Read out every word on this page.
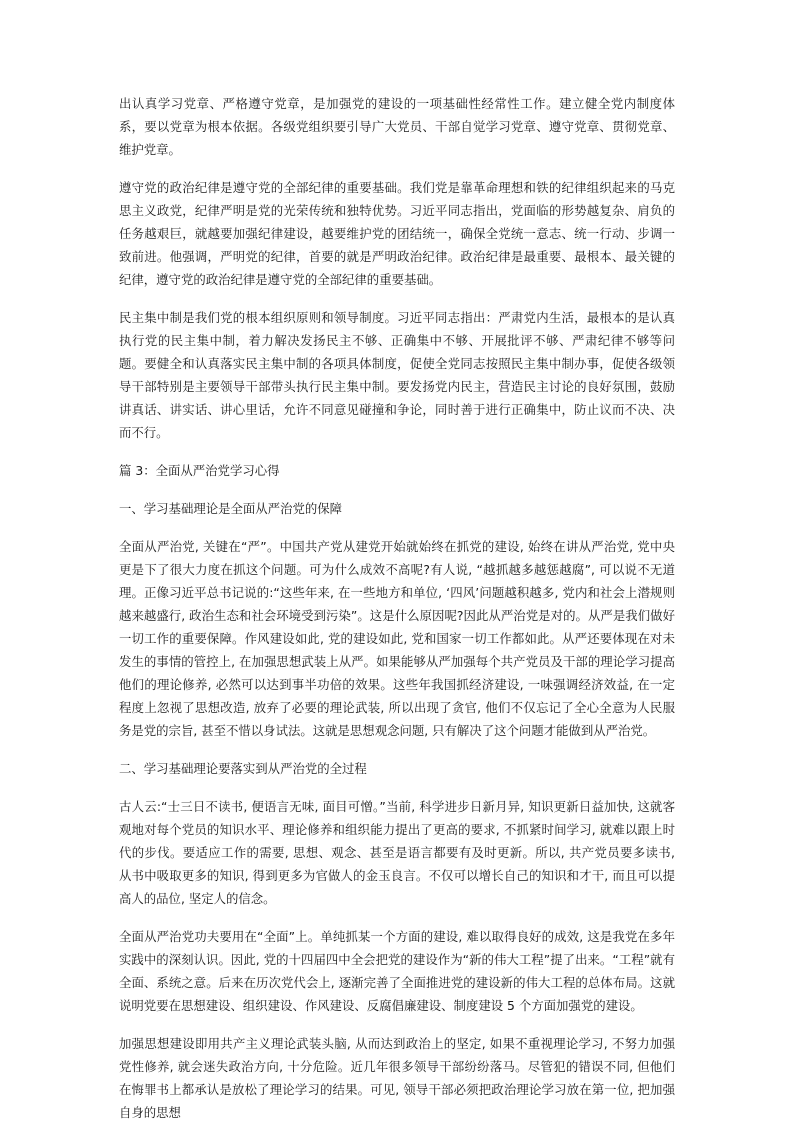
出认真学习党章、严格遵守党章，是加强党的建设的一项基础性经常性工作。建立健全党内制度体系，要以党章为根本依据。各级党组织要引导广大党员、干部自觉学习党章、遵守党章、贯彻党章、维护党章。

遵守党的政治纪律是遵守党的全部纪律的重要基础。我们党是靠革命理想和铁的纪律组织起来的马克思主义政党，纪律严明是党的光荣传统和独特优势。习近平同志指出，党面临的形势越复杂、肩负的任务越艰巨，就越要加强纪律建设，越要维护党的团结统一，确保全党统一意志、统一行动、步调一致前进。他强调，严明党的纪律，首要的就是严明政治纪律。政治纪律是最重要、最根本、最关键的纪律，遵守党的政治纪律是遵守党的全部纪律的重要基础。

民主集中制是我们党的根本组织原则和领导制度。习近平同志指出：严肃党内生活，最根本的是认真执行党的民主集中制，着力解决发扬民主不够、正确集中不够、开展批评不够、严肃纪律不够等问题。要健全和认真落实民主集中制的各项具体制度，促使全党同志按照民主集中制办事，促使各级领导干部特别是主要领导干部带头执行民主集中制。要发扬党内民主，营造民主讨论的良好氛围，鼓励讲真话、讲实话、讲心里话，允许不同意见碰撞和争论，同时善于进行正确集中，防止议而不决、决而不行。

篇 3：全面从严治党学习心得

一、学习基础理论是全面从严治党的保障

全面从严治党, 关键在“严”。中国共产党从建党开始就始终在抓党的建设, 始终在讲从严治党, 党中央更是下了很大力度在抓这个问题。可为什么成效不高呢?有人说, “越抓越多越惩越腐”, 可以说不无道理。正像习近平总书记说的:“这些年来, 在一些地方和单位, ‘四风’问题越积越多, 党内和社会上潜规则越来越盛行, 政治生态和社会环境受到污染”。这是什么原因呢?因此从严治党是对的。从严是我们做好一切工作的重要保障。作风建设如此, 党的建设如此, 党和国家一切工作都如此。从严还要体现在对未发生的事情的管控上, 在加强思想武装上从严。如果能够从严加强每个共产党员及干部的理论学习提高他们的理论修养, 必然可以达到事半功倍的效果。这些年我国抓经济建设, 一味强调经济效益, 在一定程度上忽视了思想改造, 放弃了必要的理论武装, 所以出现了贪官, 他们不仅忘记了全心全意为人民服务是党的宗旨, 甚至不惜以身试法。这就是思想观念问题, 只有解决了这个问题才能做到从严治党。

二、学习基础理论要落实到从严治党的全过程

古人云:“士三日不读书, 便语言无味, 面目可憎。”当前, 科学进步日新月异, 知识更新日益加快, 这就客观地对每个党员的知识水平、理论修养和组织能力提出了更高的要求, 不抓紧时间学习, 就难以跟上时代的步伐。要适应工作的需要, 思想、观念、甚至是语言都要有及时更新。所以, 共产党员要多读书, 从书中吸取更多的知识, 得到更多为官做人的金玉良言。不仅可以增长自己的知识和才干, 而且可以提高人的品位, 坚定人的信念。

全面从严治党功夫要用在“全面”上。单纯抓某一个方面的建设, 难以取得良好的成效, 这是我党在多年实践中的深刻认识。因此, 党的十四届四中全会把党的建设作为“新的伟大工程”提了出来。“工程”就有全面、系统之意。后来在历次党代会上, 逐渐完善了全面推进党的建设新的伟大工程的总体布局。这就说明党要在思想建设、组织建设、作风建设、反腐倡廉建设、制度建设 5 个方面加强党的建设。

加强思想建设即用共产主义理论武装头脑, 从而达到政治上的坚定, 如果不重视理论学习, 不努力加强党性修养, 就会迷失政治方向, 十分危险。近几年很多领导干部纷纷落马。尽管犯的错误不同, 但他们在悔罪书上都承认是放松了理论学习的结果。可见, 领导干部必须把政治理论学习放在第一位, 把加强自身的思想
